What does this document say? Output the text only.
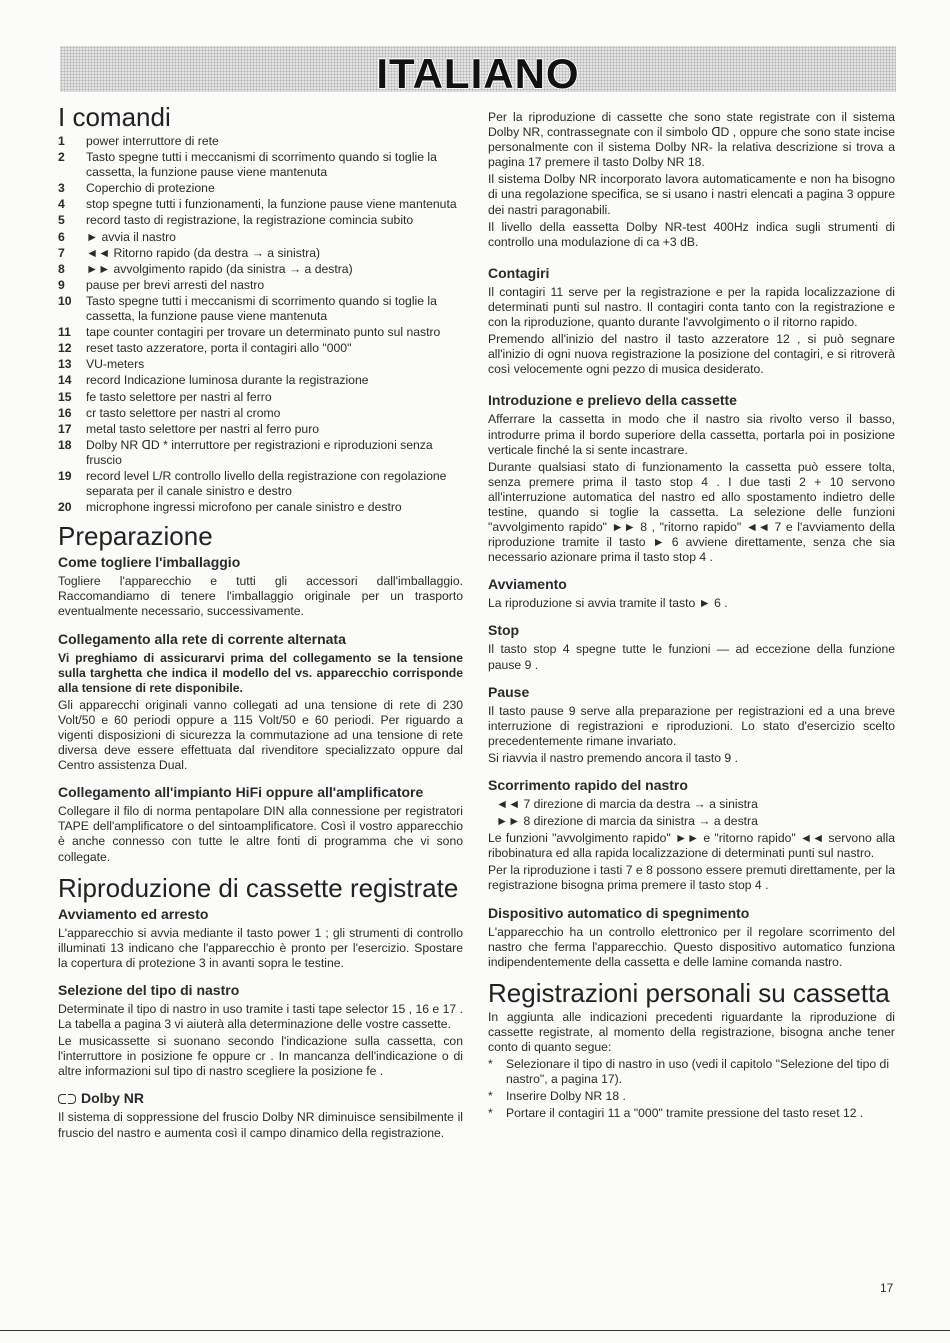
ITALIANO
I comandi
1	power interruttore di rete
2	Tasto spegne tutti i meccanismi di scorrimento quando si toglie la cassetta, la funzione pause viene mantenuta
3	Coperchio di protezione
4	stop spegne tutti i funzionamenti, la funzione pause viene mantenuta
5	record tasto di registrazione, la registrazione comincia subito
6	► avvia il nastro
7	◄◄ Ritorno rapido (da destra → a sinistra)
8	►► avvolgimento rapido (da sinistra → a destra)
9	pause per brevi arresti del nastro
10	Tasto spegne tutti i meccanismi di scorrimento quando si toglie la cassetta, la funzione pause viene mantenuta
11	tape counter contagiri per trovare un determinato punto sul nastro
12	reset tasto azzeratore, porta il contagiri allo "000"
13	VU-meters
14	record Indicazione luminosa durante la registrazione
15	fe tasto selettore per nastri al ferro
16	cr tasto selettore per nastri al cromo
17	metal tasto selettore per nastri al ferro puro
18	Dolby NR ᗡD * interruttore per registrazioni e riproduzioni senza fruscio
19	record level L/R controllo livello della registrazione con regolazione separata per il canale sinistro e destro
20	microphone ingressi microfono per canale sinistro e destro
Preparazione
Come togliere l'imballaggio

Togliere l'apparecchio e tutti gli accessori dall'imballaggio. Raccomandiamo di tenere l'imballaggio originale per un trasporto eventualmente necessario, successivamente.

Collegamento alla rete di corrente alternata

Vi preghiamo di assicurarvi prima del collegamento se la tensione sulla targhetta che indica il modello del vs. apparecchio corrisponde alla tensione di rete disponibile.

Gli apparecchi originali vanno collegati ad una tensione di rete di 230 Volt/50 e 60 periodi oppure a 115 Volt/50 e 60 periodi. Per riguardo a vigenti disposizioni di sicurezza la commutazione ad una tensione di rete diversa deve essere effettuata dal rivenditore specializzato oppure dal Centro assistenza Dual.

Collegamento all'impianto HiFi oppure all'amplificatore

Collegare il filo di norma pentapolare DIN alla connessione per registratori TAPE dell'amplificatore o del sintoamplificatore. Così il vostro apparecchio è anche connesso con tutte le altre fonti di programma che vi sono collegate.

Riproduzione di cassette registrate
Avviamento ed arresto

L'apparecchio si avvia mediante il tasto power 1 ; gli strumenti di controllo illuminati 13 indicano che l'apparecchio è pronto per l'esercizio. Spostare la copertura di protezione 3 in avanti sopra le testine.

Selezione del tipo di nastro

Determinate il tipo di nastro in uso tramite i tasti tape selector 15 , 16 e 17 . La tabella a pagina 3 vi aiuterà alla determinazione delle vostre cassette.

Le musicassette si suonano secondo l'indicazione sulla cassetta, con l'interruttore in posizione fe oppure cr . In mancanza dell'indicazione o di altre informazioni sul tipo di nastro scegliere la posizione fe .

Dolby NR

Il sistema di soppressione del fruscio Dolby NR diminuisce sensibilmente il fruscio del nastro e aumenta così il campo dinamico della registrazione.

Per la riproduzione di cassette che sono state registrate con il sistema Dolby NR, contrassegnate con il simbolo ᗡD , oppure che sono state incise personalmente con il sistema Dolby NR- la relativa descrizione si trova a pagina 17 premere il tasto Dolby NR 18.

Il sistema Dolby NR incorporato lavora automaticamente e non ha bisogno di una regolazione specifica, se si usano i nastri elencati a pagina 3 oppure dei nastri paragonabili.

Il livello della eassetta Dolby NR-test 400Hz indica sugli strumenti di controllo una modulazione di ca +3 dB.

Contagiri

Il contagiri 11 serve per la registrazione e per la rapida localizzazione di determinati punti sul nastro. Il contagiri conta tanto con la registrazione e con la riproduzione, quanto durante l'avvolgimento o il ritorno rapido.

Premendo all'inizio del nastro il tasto azzeratore 12 , si può segnare all'inizio di ogni nuova registrazione la posizione del contagiri, e si ritroverà così velocemente ogni pezzo di musica desiderato.

Introduzione e prelievo della cassette

Afferrare la cassetta in modo che il nastro sia rivolto verso il basso, introdurre prima il bordo superiore della cassetta, portarla poi in posizione verticale finché la si sente incastrare.

Durante qualsiasi stato di funzionamento la cassetta può essere tolta, senza premere prima il tasto stop 4 . I due tasti 2 + 10 servono all'interruzione automatica del nastro ed allo spostamento indietro delle testine, quando si toglie la cassetta. La selezione delle funzioni "avvolgimento rapido" ►► 8 , "ritorno rapido" ◄◄ 7 e l'avviamento della riproduzione tramite il tasto ► 6 avviene direttamente, senza che sia necessario azionare prima il tasto stop 4 .

Avviamento

La riproduzione si avvia tramite il tasto ► 6 .

Stop

Il tasto stop 4 spegne tutte le funzioni — ad eccezione della funzione pause 9 .

Pause

Il tasto pause 9 serve alla preparazione per registrazioni ed a una breve interruzione di registrazioni e riproduzioni. Lo stato d'esercizio scelto precedentemente rimane invariato.

Si riavvia il nastro premendo ancora il tasto 9 .

Scorrimento rapido del nastro

◄◄ 7 direzione di marcia da destra → a sinistra

►► 8 direzione di marcia da sinistra → a destra

Le funzioni "avvolgimento rapido" ►► e "ritorno rapido" ◄◄ servono alla ribobinatura ed alla rapida localizzazione di determinati punti sul nastro.

Per la riproduzione i tasti 7 e 8 possono essere premuti direttamente, per la registrazione bisogna prima premere il tasto stop 4 .

Dispositivo automatico di spegnimento

L'apparecchio ha un controllo elettronico per il regolare scorrimento del nastro che ferma l'apparecchio. Questo dispositivo automatico funziona indipendentemente della cassetta e delle lamine comanda nastro.

Registrazioni personali su cassetta

In aggiunta alle indicazioni precedenti riguardante la riproduzione di cassette registrate, al momento della registrazione, bisogna anche tener conto di quanto segue:

*	Selezionare il tipo di nastro in uso (vedi il capitolo "Selezione del tipo di nastro", a pagina 17).
*	Inserire Dolby NR 18 .
*	Portare il contagiri 11 a "000" tramite pressione del tasto reset 12 .
17
